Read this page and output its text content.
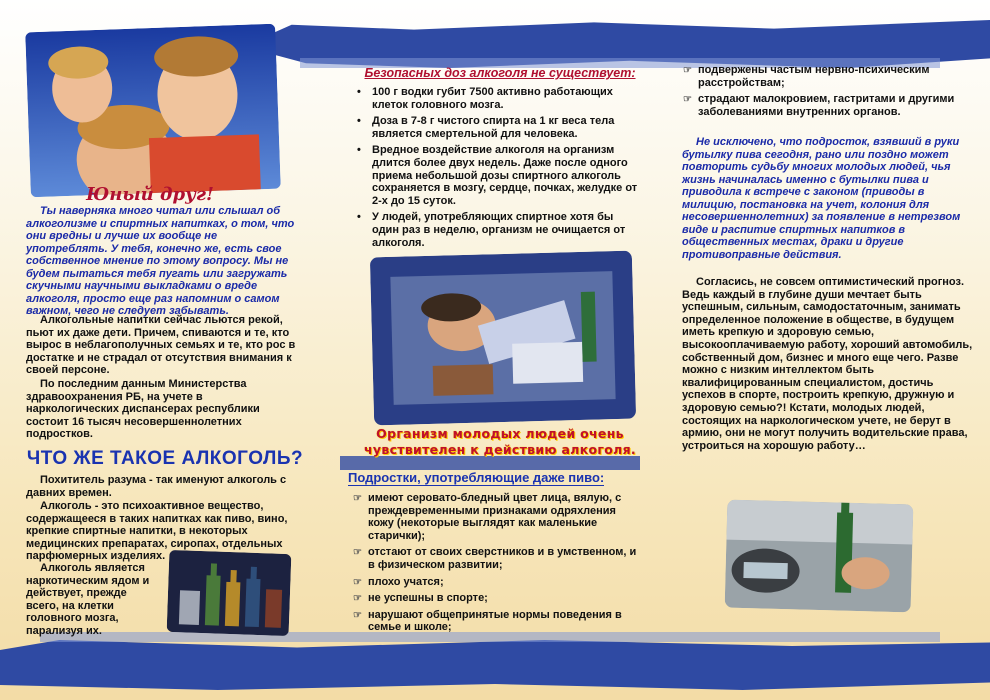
Юный друг!

Ты наверняка много читал или слышал об алкоголизме и спиртных напитках, о том, что они вредны и лучше их вообще не употреблять. У тебя, конечно же, есть свое собственное мнение по этому вопросу. Мы не будем пытаться тебя пугать или загружать скучными научными выкладками о вреде алкоголя, просто еще раз напомним о самом важном, чего не следует забывать.

Алкогольные напитки сейчас льются рекой, пьют их даже дети. Причем, спиваются и те, кто вырос в неблагополучных семьях и те, кто рос в достатке и не страдал от отсутствия внимания к своей персоне.

По последним данным Министерства здравоохранения РБ, на учете в наркологических диспансерах республики состоит 16 тысяч несовершеннолетних подростков.

ЧТО ЖЕ ТАКОЕ АЛКОГОЛЬ?

Похититель разума - так именуют алкоголь с давних времен.

Алкоголь - это психоактивное вещество, содержащееся в таких напитках как пиво, вино, крепкие спиртные напитки, в некоторых медицинских препаратах, сиропах, отдельных парфюмерных изделиях.

Алкоголь является наркотическим ядом и действует, прежде всего, на клетки головного мозга, парализуя их.

Безопасных доз алкоголя не существует:

• 100 г водки губит 7500 активно работающих клеток головного мозга.
• Доза в 7-8 г чистого спирта на 1 кг веса тела является смертельной для человека.
• Вредное воздействие алкоголя на организм длится более двух недель. Даже после одного приема небольшой дозы спиртного алкоголь сохраняется в мозгу, сердце, почках, желудке от 2-х до 15 суток.
• У людей, употребляющих спиртное хотя бы один раз в неделю, организм не очищается от алкоголя.

Организм молодых людей очень чувствителен к действию алкоголя.

Подростки, употребляющие даже пиво:

☞ имеют серовато-бледный цвет лица, вялую, с преждевременными признаками одряхления кожу (некоторые выглядят как маленькие старички);
☞ отстают от своих сверстников и в умственном, и в физическом развитии;
☞ плохо учатся;
☞ не успешны в спорте;
☞ нарушают общепринятые нормы поведения в семье и школе;
☞ подвержены частым нервно-психическим расстройствам;
☞ страдают малокровием, гастритами и другими заболеваниями внутренних органов.

Не исключено, что подросток, взявший в руки бутылку пива сегодня, рано или поздно может повторить судьбу многих молодых людей, чья жизнь начиналась именно с бутылки пива и приводила к встрече с законом (приводы в милицию, постановка на учет, колония для несовершеннолетних) за появление в нетрезвом виде и распитие спиртных напитков в общественных местах, драки и другие противоправные действия.

Согласись, не совсем оптимистический прогноз. Ведь каждый в глубине души мечтает быть успешным, сильным, самодостаточным, занимать определенное положение в обществе, в будущем иметь крепкую и здоровую семью, высокооплачиваемую работу, хороший автомобиль, собственный дом, бизнес и много еще чего. Разве можно с низким интеллектом быть квалифицированным специалистом, достичь успехов в спорте, построить крепкую, дружную и здоровую семью?! Кстати, молодых людей, состоящих на наркологическом учете, не берут в армию, они не могут получить водительские права, устроиться на хорошую работу…
